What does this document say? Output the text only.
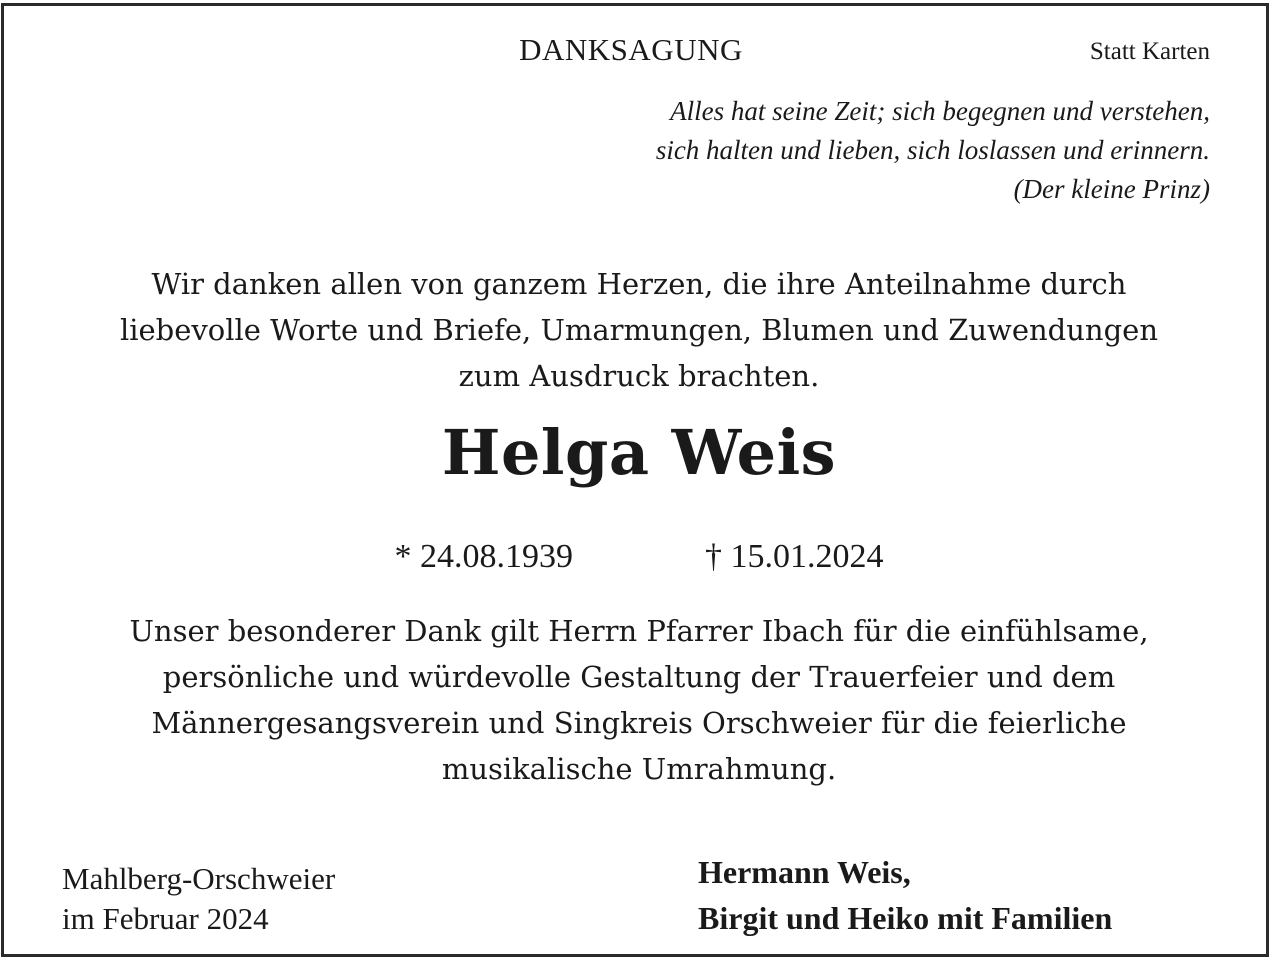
DANKSAGUNG	Statt Karten
Alles hat seine Zeit; sich begegnen und verstehen,
sich halten und lieben, sich loslassen und erinnern.
(Der kleine Prinz)
Wir danken allen von ganzem Herzen, die ihre Anteilnahme durch
liebevolle Worte und Briefe, Umarmungen, Blumen und Zuwendungen
zum Ausdruck brachten.
Helga Weis
* 24.08.1939	† 15.01.2024
Unser besonderer Dank gilt Herrn Pfarrer Ibach für die einfühlsame,
persönliche und würdevolle Gestaltung der Trauerfeier und dem
Männergesangsverein und Singkreis Orschweier für die feierliche
musikalische Umrahmung.
Mahlberg-Orschweier
im Februar 2024
Hermann Weis,
Birgit und Heiko mit Familien
